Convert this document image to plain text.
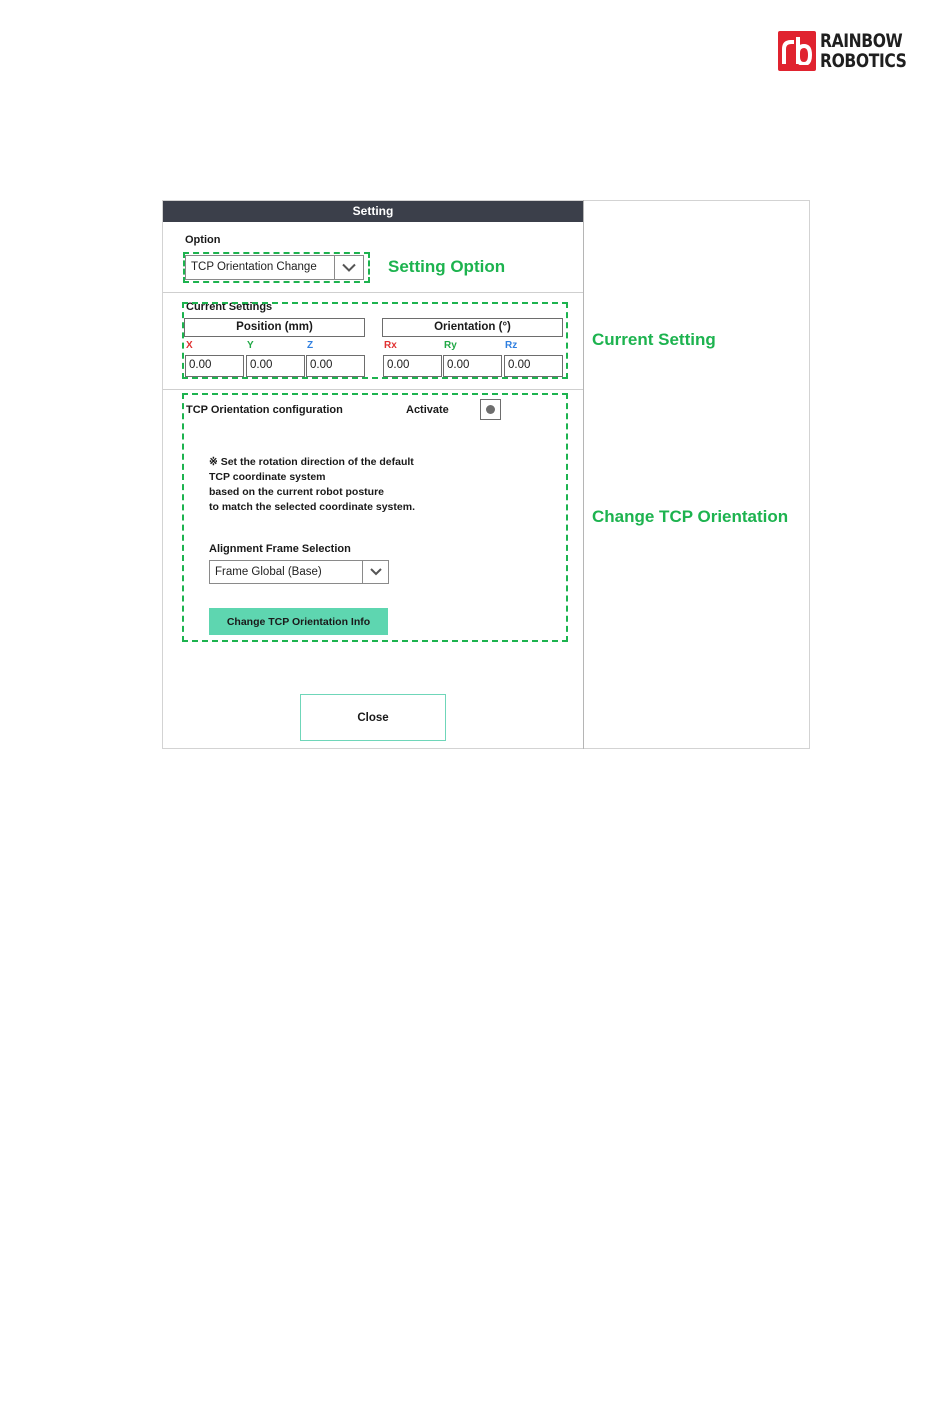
RAINBOW
ROBOTICS
Setting
Option
TCP Orientation Change	Setting Option
Current Settings
Position (mm)	Orientation (°)
X	Y	Z	Rx	Ry	Rz
0.00	0.00	0.00	0.00	0.00	0.00
Current Setting
TCP Orientation configuration	Activate
※ Set the rotation direction of the default
TCP coordinate system
based on the current robot posture
to match the selected coordinate system.
Alignment Frame Selection
Frame Global (Base)
Change TCP Orientation Info
Change TCP Orientation
Close
